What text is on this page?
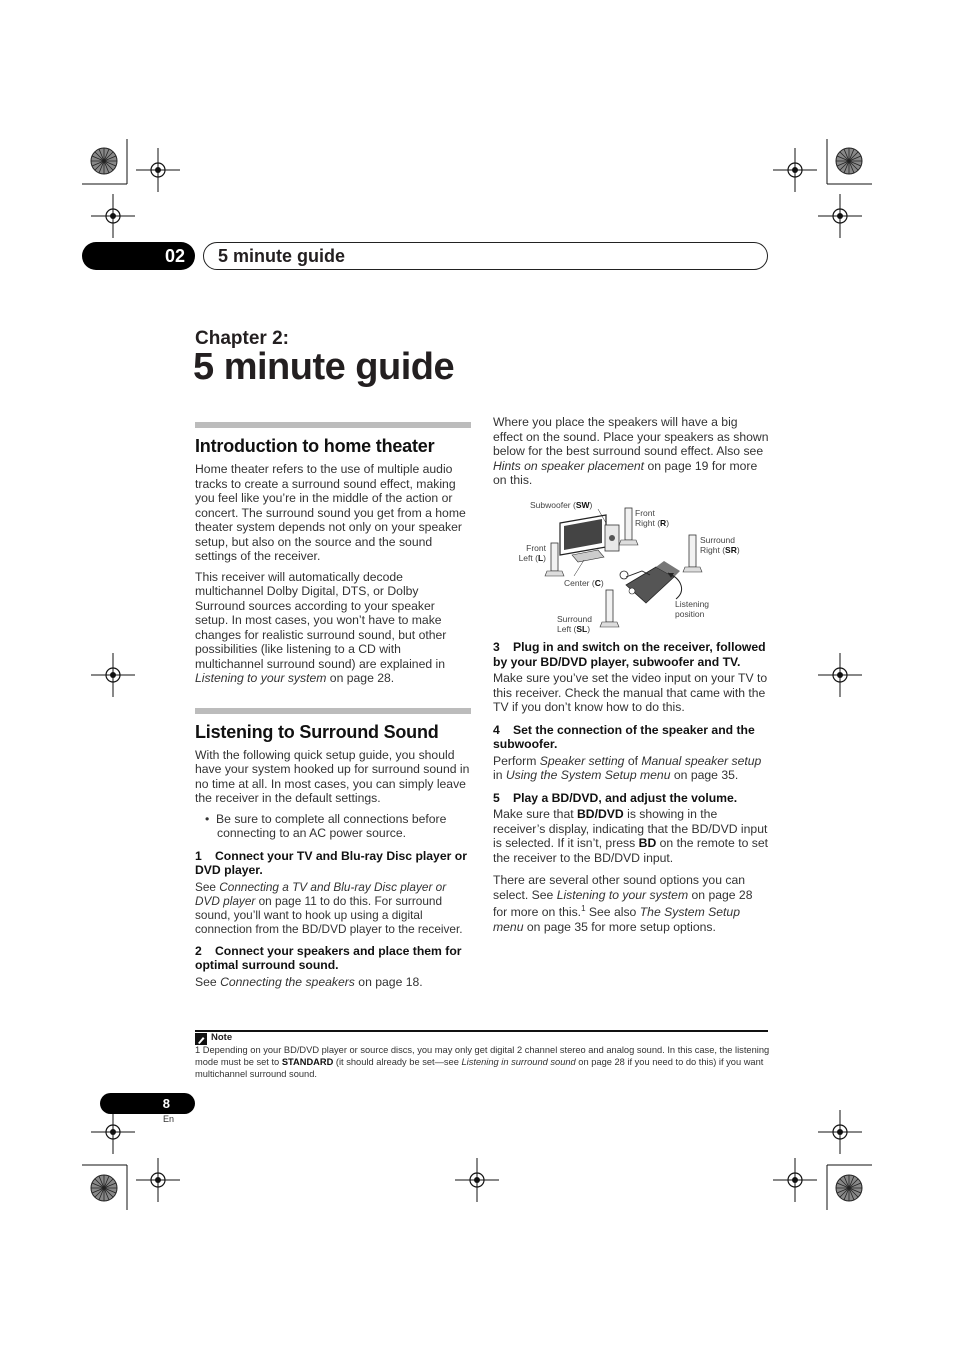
02	5 minute guide
Chapter 2:
5 minute guide
Introduction to home theater

Home theater refers to the use of multiple audio tracks to create a surround sound effect, making you feel like you’re in the middle of the action or concert. The surround sound you get from a home theater system depends not only on your speaker setup, but also on the source and the sound settings of the receiver.

This receiver will automatically decode multichannel Dolby Digital, DTS, or Dolby Surround sources according to your speaker setup. In most cases, you won’t have to make changes for realistic surround sound, but other possibilities (like listening to a CD with multichannel surround sound) are explained in Listening to your system on page 28.

Listening to Surround Sound

With the following quick setup guide, you should have your system hooked up for surround sound in no time at all. In most cases, you can simply leave the receiver in the default settings.

•  Be sure to complete all connections before connecting to an AC power source.

1 Connect your TV and Blu-ray Disc player or DVD player.

See Connecting a TV and Blu-ray Disc player or DVD player on page 11 to do this. For surround sound, you’ll want to hook up using a digital connection from the BD/DVD player to the receiver.

2 Connect your speakers and place them for optimal surround sound.

See Connecting the speakers on page 18.

Where you place the speakers will have a big effect on the sound. Place your speakers as shown below for the best surround sound effect. Also see Hints on speaker placement on page 19 for more on this.

Subwoofer (SW)
Front
Right (R)
Surround
Right (SR)
Front
Left (L)
Center (C)
Listening
position
Surround
Left (SL)
3 Plug in and switch on the receiver, followed by your BD/DVD player, subwoofer and TV.

Make sure you’ve set the video input on your TV to this receiver. Check the manual that came with the TV if you don’t know how to do this.

4 Set the connection of the speaker and the subwoofer.

Perform Speaker setting of Manual speaker setup in Using the System Setup menu on page 35.

5 Play a BD/DVD, and adjust the volume.

Make sure that BD/DVD is showing in the receiver’s display, indicating that the BD/DVD input is selected. If it isn’t, press BD on the remote to set the receiver to the BD/DVD input.

There are several other sound options you can select. See Listening to your system on page 28 for more on this.$^1$ See also The System Setup menu on page 35 for more setup options.

Note
1 Depending on your BD/DVD player or source discs, you may only get digital 2 channel stereo and analog sound. In this case, the listening mode must be set to STANDARD (it should already be set—see Listening in surround sound on page 28 if you need to do this) if you want multichannel surround sound.
8
En
